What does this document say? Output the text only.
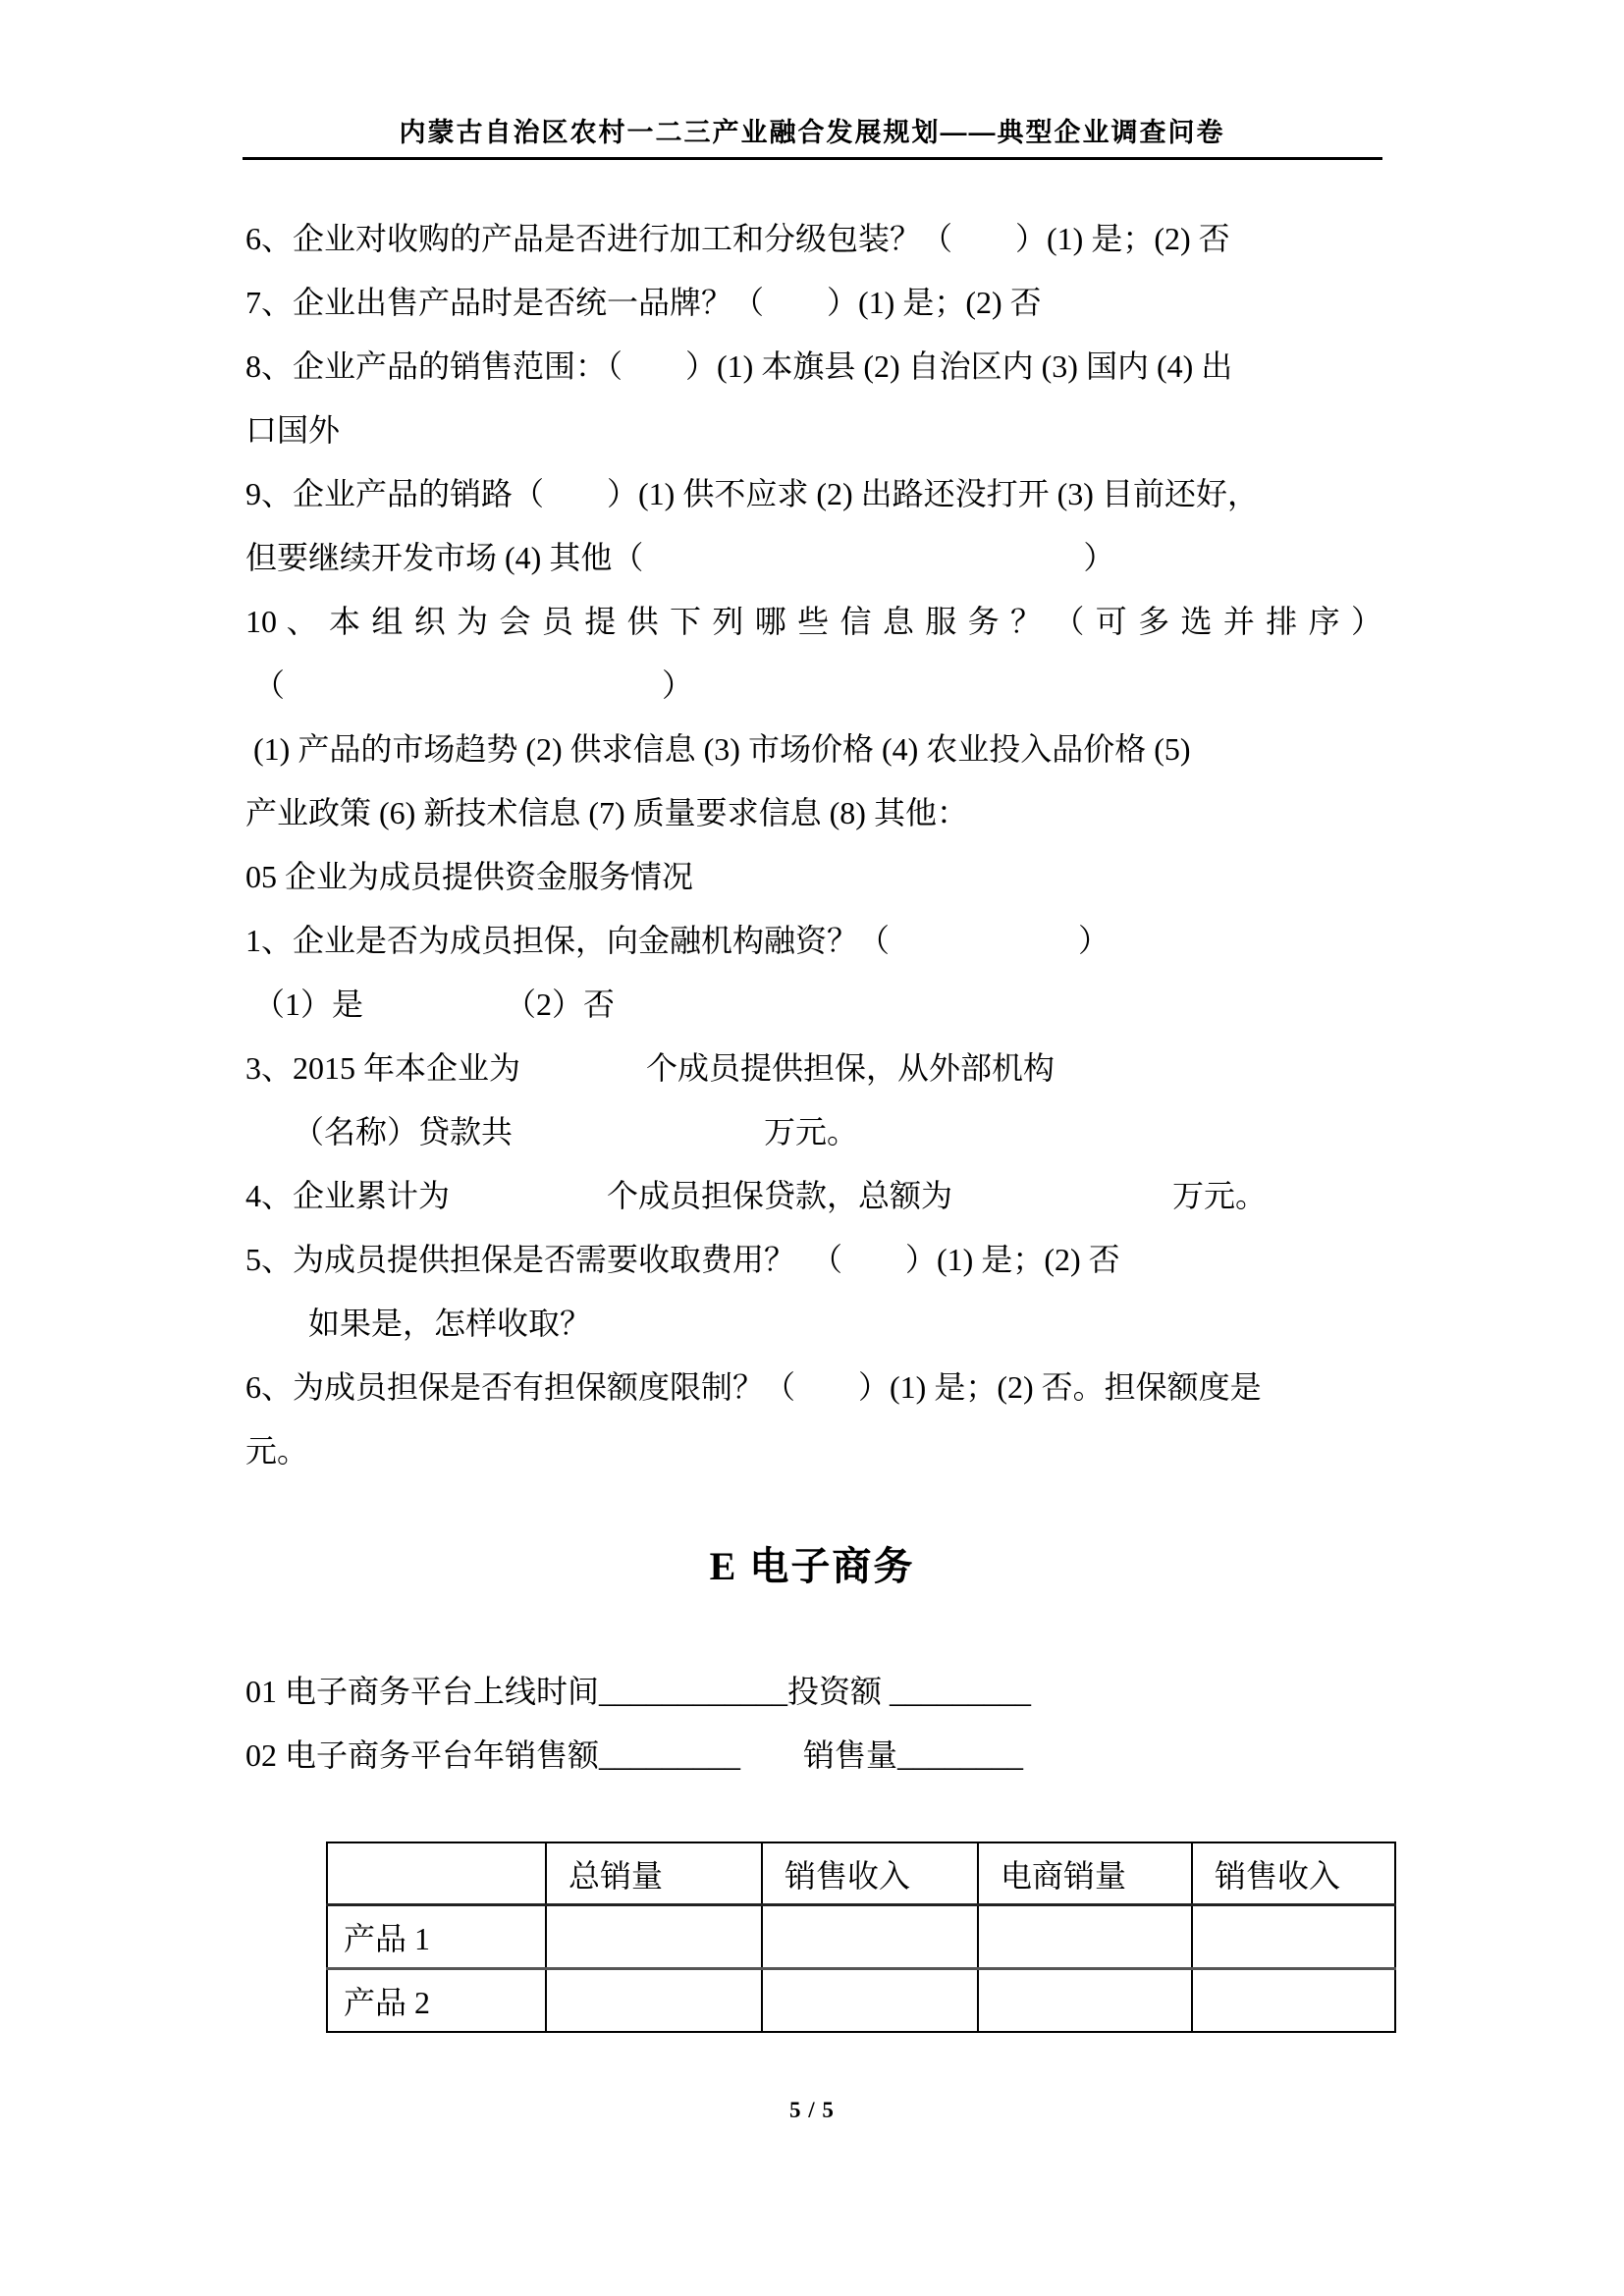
内蒙古自治区农村一二三产业融合发展规划——典型企业调查问卷
6、企业对收购的产品是否进行加工和分级包装？（　　）(1) 是；(2) 否
7、企业出售产品时是否统一品牌？（　　）(1) 是；(2) 否
8、企业产品的销售范围：（　　）(1) 本旗县 (2) 自治区内 (3) 国内 (4) 出
口国外
9、企业产品的销路（　　）(1) 供不应求 (2) 出路还没打开 (3) 目前还好，
但要继续开发市场 (4) 其他（　　　　　　　　　　　　　　）
10 、 本 组 织 为 会 员 提 供 下 列 哪 些 信 息 服 务 ？ （ 可 多 选 并 排 序 ）
（　　　　　　　　　　　　）
(1) 产品的市场趋势 (2) 供求信息 (3) 市场价格 (4) 农业投入品价格 (5)
产业政策 (6) 新技术信息 (7) 质量要求信息 (8) 其他：
05 企业为成员提供资金服务情况
1、企业是否为成员担保，向金融机构融资？（　　　　　　）
（1）是　　　　　（2）否
3、2015 年本企业为　　　　个成员提供担保，从外部机构
　　（名称）贷款共　　　　　　　　万元。
4、企业累计为　　　　　个成员担保贷款，总额为　　　　　　　万元。
5、为成员提供担保是否需要收取费用？　（　　）(1) 是；(2) 否
　　如果是，怎样收取？
6、为成员担保是否有担保额度限制？（　　）(1) 是；(2) 否。担保额度是
元。
E 电子商务
01 电子商务平台上线时间____________投资额 _________
02 电子商务平台年销售额_________　　销售量________
	总销量	销售收入	电商销量	销售收入
产品 1				
产品 2				
5 / 5
